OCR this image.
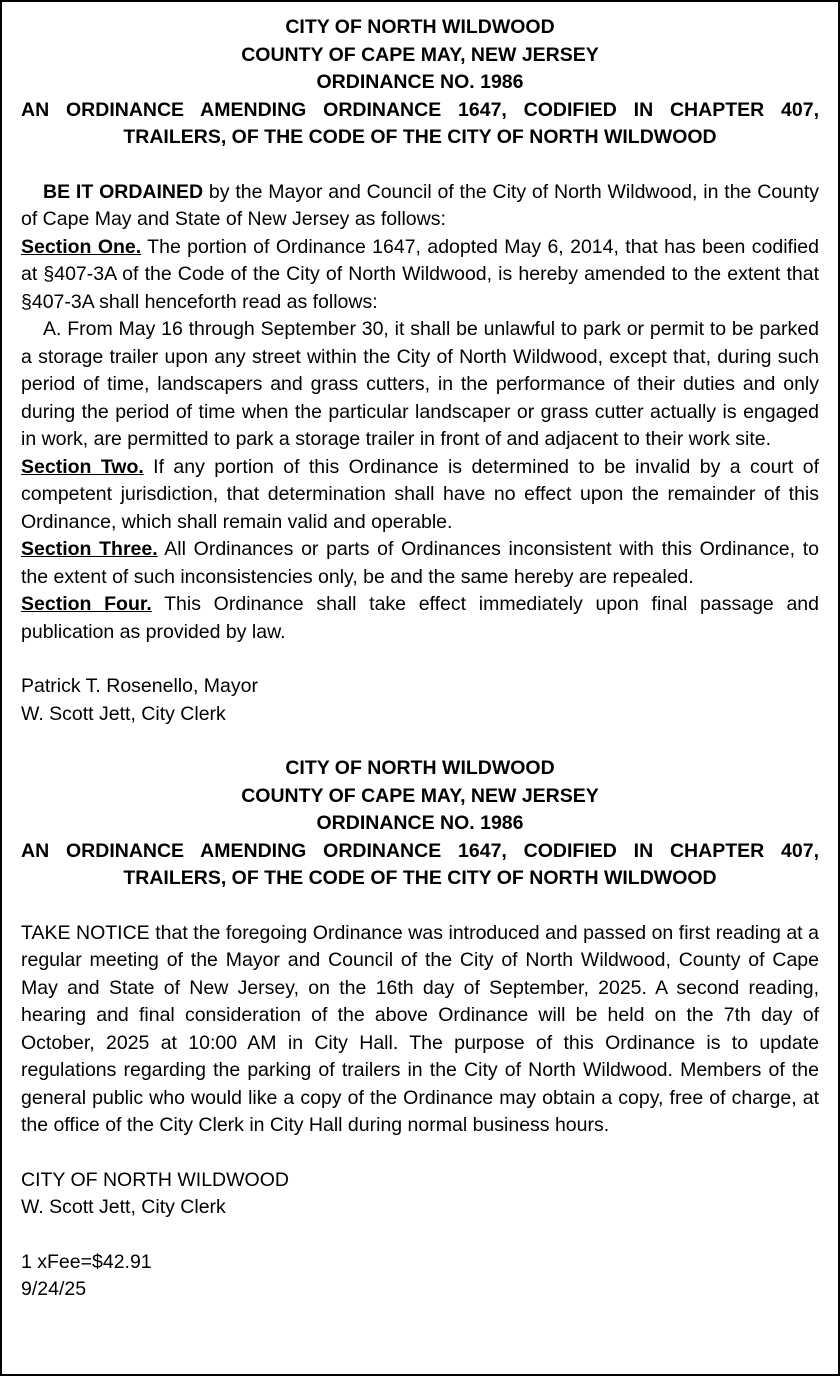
CITY OF NORTH WILDWOOD
COUNTY OF CAPE MAY, NEW JERSEY
ORDINANCE NO. 1986
AN ORDINANCE AMENDING ORDINANCE 1647, CODIFIED IN CHAPTER 407, TRAILERS, OF THE CODE OF THE CITY OF NORTH WILDWOOD

BE IT ORDAINED by the Mayor and Council of the City of North Wildwood, in the County of Cape May and State of New Jersey as follows:

Section One. The portion of Ordinance 1647, adopted May 6, 2014, that has been codified at §407-3A of the Code of the City of North Wildwood, is hereby amended to the extent that §407-3A shall henceforth read as follows:

A. From May 16 through September 30, it shall be unlawful to park or permit to be parked a storage trailer upon any street within the City of North Wildwood, except that, during such period of time, landscapers and grass cutters, in the performance of their duties and only during the period of time when the particular landscaper or grass cutter actually is engaged in work, are permitted to park a storage trailer in front of and adjacent to their work site.

Section Two. If any portion of this Ordinance is determined to be invalid by a court of competent jurisdiction, that determination shall have no effect upon the remainder of this Ordinance, which shall remain valid and operable.

Section Three. All Ordinances or parts of Ordinances inconsistent with this Ordinance, to the extent of such inconsistencies only, be and the same hereby are repealed.

Section Four. This Ordinance shall take effect immediately upon final passage and publication as provided by law.

Patrick T. Rosenello, Mayor
W. Scott Jett, City Clerk
CITY OF NORTH WILDWOOD
COUNTY OF CAPE MAY, NEW JERSEY
ORDINANCE NO. 1986
AN ORDINANCE AMENDING ORDINANCE 1647, CODIFIED IN CHAPTER 407, TRAILERS, OF THE CODE OF THE CITY OF NORTH WILDWOOD

TAKE NOTICE that the foregoing Ordinance was introduced and passed on first reading at a regular meeting of the Mayor and Council of the City of North Wildwood, County of Cape May and State of New Jersey, on the 16th day of September, 2025. A second reading, hearing and final consideration of the above Ordinance will be held on the 7th day of October, 2025 at 10:00 AM in City Hall. The purpose of this Ordinance is to update regulations regarding the parking of trailers in the City of North Wildwood. Members of the general public who would like a copy of the Ordinance may obtain a copy, free of charge, at the office of the City Clerk in City Hall during normal business hours.

CITY OF NORTH WILDWOOD
W. Scott Jett, City Clerk
1 xFee=$42.91
9/24/25
